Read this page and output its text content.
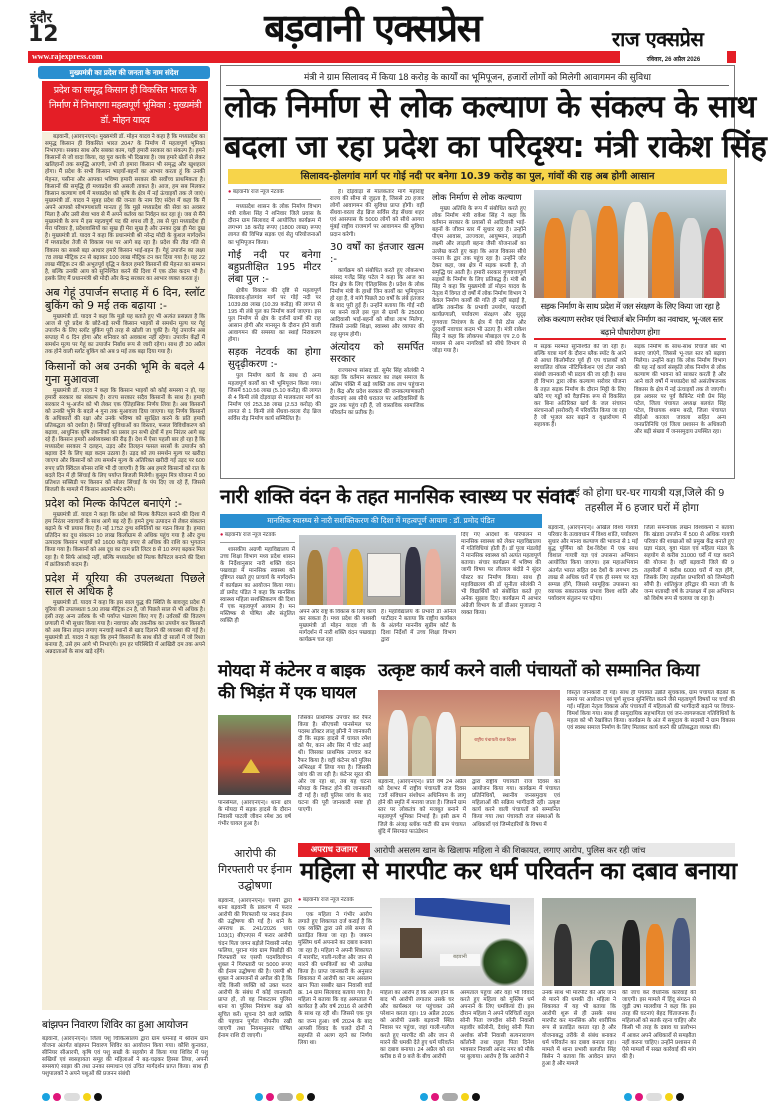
इंदौर
12	बड़वानी एक्सप्रेस	राज एक्सप्रेस
www.rajexpress.com	रविवार, 26 अप्रैल 2026
मुख्यमंत्री का प्रदेश की जनता के नाम संदेश
प्रदेश का समृद्ध किसान ही विकसित भारत के निर्माण में निभाएगा महत्वपूर्ण भूमिका : मुख्यमंत्री डॉ. मोहन यादव

बड़वानी, (आरएनएन)। मुख्यमंत्री डॉ. मोहन यादव ने कहा है कि मध्यप्रदेश का समृद्ध किसान ही विकसित भारत 2047 के निर्माण में महत्वपूर्ण भूमिका निभाएगा। सबका साथ और सबका काम, यही हमारी सरकार का संकल्प है। हमने किसानों से जो वादा किया, वह पूरा करके भी दिखाया है। जब हमारे खेतों से लेकर खलिहानों तक समृद्धि आएगी, तभी तो हमारा किसान भी समृद्ध और खुशहाल होगा। मैं प्रदेश के सभी किसान भाइयों-बहनों का आभार करता हूं कि उनकी मेहनत, पसीना और आपका भविष्य हमारी सरकार की सर्वोच्च प्राथमिकता है। किसानों की समृद्धि ही मध्यप्रदेश की असली ताकत है। आज, हम सब मिलकर किसान कल्याण वर्ष में मध्यप्रदेश को कृषि के क्षेत्र में नई ऊंचाइयों तक ले जाएं। मुख्यमंत्री डॉ. यादव ने सुबह प्रदेश की जनता के नाम दिए संदेश में कहा कि मैं अपने आपको सौभाग्यशाली मानता हूं कि मुझे मध्यप्रदेश की सेवा का अवसर मिला है और उसी सेवा भाव से मैं अपने कर्तव्य का निर्वहन कर रहा हूं। जब से मैंने मुख्यमंत्री के रूप में इस महत्वपूर्ण पद की शपथ ली है, तब से पूरा मध्यप्रदेश ही मेरा परिवार है, प्रदेशवासियों का सुख ही मेरा सुख है और उनका दुख ही मेरा दुख है। मुख्यमंत्री डॉ. यादव ने कहा कि प्रधानमंत्री श्री नरेन्द्र मोदी के कुशल मार्गदर्शन में मध्यप्रदेश तेजी से विकास पथ पर आगे बढ़ रहा है। प्रदेश की तीव्र गति से विकास का सबसे बड़ा आधार हमारे किसान भाई-बहन हैं। गेहूं उपार्जन का लक्ष्य 78 लाख मीट्रिक टन से बढ़ाकर 100 लाख मीट्रिक टन कर दिया गया है। यह 22 लाख मीट्रिक टन की अभूतपूर्व वृद्धि न केवल हमारे किसानों की मेहनत का सम्मान है, बल्कि उनकी आय को सुनिश्चित करने की दिशा में एक ठोस कदम भी है। इसके लिए मैं प्रधानमंत्री श्री मोदी और केन्द्र सरकार का आभार व्यक्त करता हूं।

अब गेहूं उपार्जन सप्ताह में 6 दिन, स्लॉट बुकिंग को 9 मई तक बढ़ाया :-

मुख्यमंत्री डॉ. यादव ने कहा कि मुझे यह बताते हुए भी अत्यंत प्रसन्नता है कि आज से पूरे प्रदेश के छोटे-बड़े सभी किसान भाइयों से समर्थन मूल्य पर गेहूं उपार्जन के लिए स्लॉट बुकिंग पूरी तरह से खोली जा चुकी है। गेहूं उपार्जन अब सप्ताह में 6 दिन होगा और शनिवार को अवकाश नहीं रहेगा। उपार्जन केंद्रों में समर्थन मूल्य पर गेहूं का उपार्जन निर्बाध रूप से जारी रहेगा। साथ ही 30 अप्रैल तक होने वाली स्लॉट बुकिंग को अब 9 मई तक बढ़ा दिया गया है।

किसानों को अब उनकी भूमि के बदले 4 गुना मुआवजा

मुख्यमंत्री डॉ. यादव ने कहा कि किसान भाइयों को कोई समस्या न हो, यह हमारी सरकार का संकल्प है। राज्य सरकार सदैव किसानों के साथ है। हमारी सरकार ने भू-अर्जन को भी लेकर एक ऐतिहासिक निर्णय लिया है। अब किसानों को उनकी भूमि के बदले 4 गुना तक मुआवजा दिया जाएगा। यह निर्णय किसानों के अधिकारों की रक्षा और उनके भविष्य को सुरक्षित करने के प्रति हमारी प्रतिबद्धता को दर्शाता है। सिंचाई सुविधाओं का विस्तार, फसल विविधीकरण को बढ़ावा, आधुनिक कृषि तकनीकों का प्रसार इन सभी क्षेत्रों में हम निरंतर आगे बढ़ रहे हैं। किसान हमारी अर्थव्यवस्था की रीढ़ हैं। देश में ऐसा पहली बार हो रहा है कि मध्यप्रदेश सरकार ने दलहन, उड़द और तिलहन फसल सरसों के उपार्जन को बढ़ावा देने के लिए बड़ा कदम उठाया है। उड़द को तय समर्थन मूल्य पर खरीदा जाएगा और किसानों को तय समर्थन मूल्य के अतिरिक्त खरीदी गई उड़द पर 600 रुपए प्रति क्विंटल बोनस राशि भी दी जाएगी। है कि अब हमारे किसानों को रात के बदले दिन में ही सिंचाई के लिए पर्याप्त बिजली मिलेगी। कुसुम मित्र योजना में 90 प्रतिशत सब्सिडी पर किसान को सोलर सिंचाई के पंप दिए जा रहे हैं, जिससे बिजली के मामले में किसान आत्मनिर्भर बनेंगे।

प्रदेश को मिल्क केपिटल बनाएंगे :-

मुख्यमंत्री डॉ. यादव ने कहा कि प्रदेश को मिल्क कैपिटल बनाने की दिशा में हम निरंतर नवाचारों के साथ आगे बढ़ रहे हैं। हमने दुग्ध उत्पादन से लेकर संकलन बढ़ाने के भी प्रयास किए हैं। नई 1752 दुग्ध समितियों का गठन किया है। हमारा प्रतिदिन का दूध संकलन 10 लाख किलोग्राम से अधिक पहुंच गया है और दुग्ध उत्पादक किसान भाइयों को 1600 करोड़ रुपए से अधिक की राशि का भुगतान किया गया है। किसानों को अब दूध का दाम प्रति लिटर 8 से 10 रुपए बढ़कर मिल रहा है। ये सिर्फ आंकड़े नहीं, बल्कि मध्यप्रदेश को मिल्क कैपिटल बनाने की दिशा में क्रांतिकारी कदम हैं।

प्रदेश में यूरिया की उपलब्धता पिछले साल से अधिक है

मुख्यमंत्री डॉ. यादव ने कहा कि इस साल युद्ध की स्थिति के बावजूद प्रदेश में यूरिया की उपलब्धता 5.90 लाख मीट्रिक टन है, जो पिछले साल से भी अधिक है। इसी तरह अन्य उर्वरक के भी पर्याप्त भंडारण किए गए हैं। उर्वरकों की वितरण प्रणाली में भी सुधार किया गया है। नवाचार और तकनीक का उपयोग कर किसानों को अब बिना लाइन लगाए मनचाहे स्थानों से खाद दिलाने की व्यवस्था की गई है। मुख्यमंत्री डॉ. यादव ने कहा कि हमने किसानों के साथ बीते दो सालों में जो रिश्ता बनाया है, उसे हम आगे भी निभाएंगे। हम हर परिस्थिति में आखिरी दम तक अपने अन्नदाताओं के साथ खड़े रहेंगे।

बांझपन निवारण शिविर का हुआ आयोजन
बड़वानी, (आरएनएन)। जिला पशु चिकित्सालय द्वारा ग्राम धमनाई में श्रीराम ग्राम योजना अंतर्गत बांझपन निवारण शिविर का आयोजन किया गया। कौशि कुनावत, सीनियर सीआरपी, कृषि एवं पशु सखी के सहयोग से किया गया शिविर में पशु सखियों एवं स्वसहायता समूह की महिलाओं ने बढ़-चढ़कर हिस्सा लिया, अपनी समस्याएं साझा की तथा उनका समाधान एवं उचित मार्गदर्शन प्राप्त किया। साथ ही पशुपालकों ने अपने पशुओं की प्रजनन संबंधी
मंत्री ने ग्राम सिलावद में किया 18 करोड़ के कार्यों का भूमिपूजन, हजारों लोगों को मिलेगी आवागमन की सुविधा
लोक निर्माण से लोक कल्याण के संकल्प के साथ
बदला जा रहा प्रदेश का परिदृश्य: मंत्री राकेश सिंह
सिलावद-होलगांव मार्ग पर गोई नदी पर बनेगा 10.39 करोड़ का पुल, गांवों की राह अब होगी आसान
● बड़वानी/ राज न्यूज नेटवर्क

मध्यप्रदेश शासन के लोक निर्माण विभाग मंत्री राकेश सिंह ने शनिवार जिले प्रवास के दौरान ग्राम सिलावद में आयोजित कार्यक्रम में लगभग 18 करोड़ रूपए (1800 लाख) रूपए लागत की विभिन्न सड़क एवं सेतु परियोजनाओं का भूमिपूजन किया।

गोई नदी पर बनेगा बहुप्रतीक्षित 195 मीटर लंबा पुल :-

क्षेत्रीय विकास की दृष्टि से महत्वपूर्ण सिलावद-होलगांव मार्ग पर गोई नदी पर 1039.88 लाख (10.39 करोड़) की लागत से 195 मी लंबे पुल का निर्माण कार्य जाएगा। इस पुल निर्माण से क्षेत्र के दर्जनों ग्रामों की राह आसान होगी और मानसून के दौरान होने वाली आवागमन की समस्या का स्थाई निराकरण होगा।

सड़क नेटवर्क का होगा सुदृढ़ीकरण :-

पुल निर्माण कार्य के साथ दो अन्य महत्वपूर्ण कार्यों का भी भूमिपूजन किया गया। जिसमें 510.56 लाख (5.10 करोड़) की लागत से 4 किमी लंबे दोड़वाड़ा से मालकतार मार्ग का निर्माण एवं 253.38 लाख (2.53 करोड़) की लागत से 1 किमी लंबे सेंधवा-वरला रोड़ ब्रिज सर्विस रोड़ निर्माण कार्य सम्मिलित है।

है। दोड़वाड़ा से मालकतार मार्ग महाराष्ट्र राज्य की सीमा से जुड़ता है, जिससे 20 हजार लोगों आवागमन की सुविधा प्राप्त होगी। वहीं सेंधवा-वरला रोड़ ब्रिज सर्विस रोड़ सेंधवा शहर एवं आसपास के 5000 लोगों को सीधे आगरा मुंबई राष्ट्रीय राजमार्ग पर आवागमन की सुविधा प्रदान करेगी।

30 वर्षों का इंतजार खत्म :-

कार्यक्रम को संबोधित करते हुए लोकसभा सांसद गजेंद्र सिंह पटेल ने कहा कि आज का दिन क्षेत्र के लिए ऐतिहासिक है। प्रदेश के लोक निर्माण मंत्री के हाथों जिन कार्यों का भूमिपूजन हो रहा है, वे मांगे पिछले 30 वर्षों के लंबे इंतजार के बाद पूरी हुई हैं। उन्होंने बताया कि गोई नदी पर बनने वाले इस पुल से ग्रामों के 25000 आदिवासी भाई-बहनों को सीधा लाभ मिलेगा, जिससे उनकी शिक्षा, स्वास्थ्य और व्यापार की राह सुगम होगी।

अंत्योदय को समर्पित सरकार

राज्यसभा सांसद डॉ. सुमेर सिंह सोलंकी ने कहा कि वर्तमान सरकार का लक्ष्य समाज के अंतिम पंक्ति में खड़े व्यक्ति तक लाभ पहुंचाना है। केंद्र और प्रदेश सरकार की जनकल्याणकारी योजनाएं अब सीधे धरातल पर आदिवासियों के द्वार तक पहुंच रही हैं, जो वास्तविक सामाजिक परिवर्तन का प्रतीक है।

लोक निर्माण से लोक कल्याण

मुख्य अतिथि के रूप में संबोधित करते हुए लोक निर्माण मंत्री राकेश सिंह ने कहा कि वर्तमान सरकार के प्रयासों से आदिवासी भाई-बहनों के जीवन स्तर में सुधार रहा है। उन्होंने पीएम आवास, उज्ज्वला, आयुष्मान, लाड़ली लक्ष्मी और लाड़ली बहना जैसी योजनाओं का उल्लेख करते हुए कहा कि आज विकास सीधे जनता के द्वार तक पहुंच रहा है। उन्होंने जोर देकर कहा, जब क्षेत्र में सड़क बनती है, तो समृद्धि घर आती है। हमारी सरकार गुणवत्तापूर्ण सड़कों के निर्माण के लिए प्रतिबद्ध है। मंत्री श्री सिंह ने कहा कि मुख्यमंत्री डॉ मोहन यादव के नेतृत्व में विगत दो वर्षों में लोक निर्माण विभाग ने केवल निर्माण कार्यों की गति ही नहीं बढ़ाई है, बल्कि तकनीक के प्रभावी उपयोग, पारदर्शी कार्यप्रणाली, पर्यावरण संरक्षण और सुदृढ़ गुणवत्ता नियंत्रण के क्षेत्र में ऐसे ठोस और दूरदर्शी नवाचार कदम भी उठाए हैं। मंत्री राकेश सिंह ने कहा कि लोकपथ मोबाइल एप 2.0 के माध्यम से आम नागरिकों को सीधे विभाग से जोड़ा गया है।

सड़क निर्माण के साथ प्रदेश में जल संरक्षण के लिए किया जा रहा है लोक कल्याण सरोवर एवं रिचार्ज बोर निर्माण का नवाचार, भू-जल स्तर बढ़ाने पौधारोपण होगा
में सड़क मरम्मत सुनिश्चित की जा रही है। बल्कि यात्रा मार्ग के दौरान ब्लैक स्पॉट के आने से आधा किलोमीटर पूर्व ही एप चालकों को स्वचालित वॉयस नोटिफिकेशन एवं टोल नाको संबंधी जानकारी भी प्रदाय की जा रही है। साथ ही विभाग द्वारा लोक कल्याण सरोवर योजना के तहत सड़क निर्माण के दौरान मिट्टी के लिए खोदे गए गड्ढों को वैज्ञानिक रूप से विकसित कर बिना अतिरिक्त खर्च के जल संचयन संरचनाओं (सरोवरों) में परिवर्तित किया जा रहा है जो भूजल स्तर बढ़ाने व वृक्षारोपण में सहायक हैं।
सड़क निर्माण के साथ-साथ रिचार्ज बोर भी बनाए जाएंगे, जिससे भू-जल स्तर को बढ़ावा मिलेगा। उन्होंने कहा कि लोक निर्माण विभाग की यह नई कार्य संस्कृति लोक निर्माण से लोक कल्याण की भावना को साकार करती है और आने वाले वर्षों में मध्यप्रदेश को असंतोषजनक विकास के क्षेत्र में नई ऊंचाइयों तक ले जाएगी। इस अवसर पर पूर्व कैबिनेट मंत्री प्रेम सिंह पटेल, जिला पंचायत अध्यक्ष बलवंत सिंह पटेल, विधायक श्याम बरडे, जिला पंचायत सीईओ काजल जावला सहित अन्य जनप्रतिनिधि एवं जिला प्रशासन के अधिकारी और बड़ी संख्या में जनसमुदाय उपस्थित रहा।
नारी शक्ति वंदन के तहत मानसिक स्वास्थ्य पर संवाद
मानसिक स्वास्थ्य से नारी सशक्तिकरण की दिशा में महत्वपूर्ण आयाम : डॉ. प्रमोद पंडित
● बड़वानी/ राज न्यूज नेटवर्क

शासकीय अग्रणी महाविद्यालय में उच्च शिक्षा विभाग मध्य प्रदेश शासन के निर्देशानुसार नारी शक्ति वंदन पखवाड़ा में मानसिक स्वास्थ्य को दृष्टिगत रखते हुए प्राचार्य के मार्गदर्शन में कार्यक्रम का आयोजन किया गया। डॉ प्रमोद पंडित ने कहा कि मानसिक स्वास्थ्य महिला सशक्तिकरण की दिशा में एक महत्वपूर्ण आयाम है। मन मस्तिष्क से पोषित और संतुलित व्यक्ति ही

अपने और राष्ट्र के विकास के लिए कार्य कर सकता है। मध्य प्रदेश की यशस्वी मुख्यमंत्री डॉ मोहन यादव जी के मार्गदर्शन में नारी शक्ति वंदन पखवाड़ा कार्यक्रम चल रहा
है। महाविद्यालय के प्रभारी डॉ अनिल पाटीदार ने बताया कि राष्ट्रीय कार्यबल के अंतर्गत माननीय सुप्रीम कोर्ट के दिशा निर्देशों में उच्च शिक्षा विभाग द्वारा
दिए गए आदेशों के परिपालन में मानसिक स्वास्थ्य को लेकर महाविद्यालय में गतिविधियां होती हैं। डॉ पूजा मंडलोई ने मानसिक स्वास्थ्य को अत्यंत महत्वपूर्ण बताया। संचार कार्यक्रम में भविष्य की जागी विषय पर लीलाल बंदोडे ने सुंदर पोस्टर का निर्माण किया। साथ ही महाविद्यालय की डॉ सुनीता सोलंकी ने भी विद्यार्थियों को संबोधित करते हुए अनेक सुझाव दिए। कार्यक्रम में आभार अंग्रेजी विभाग के डॉ डीआर मुजाल्दा ने व्यक्त किया।
1 मई को होगा घर-घर गायत्री यज्ञ,जिले की 9 तहसील में 6 हजार घरों में होगा
बड़वानी, (आरएनएन)। अखिल विश्व गायत्री परिवार के तत्वावधान में विश्व शांति, पर्यावरण सुधार और मानव कल्याण की भावना से 1 मई बुद्ध पूर्णिमा को देश-विदेश में एक साथ विशाल गायत्री यज्ञ एवं उपासना अभियान आयोजित किया जाएगा। इस महाअभियान अंतर्गत भारत सहित 98 देशों के लगभग 25 लाख से अधिक घरों में एक ही समय पर यज्ञ सम्पन्न होंगे, जिससे सामूहिक उपासना का व्यापक सकारात्मक प्रभाव विश्व शांति और पर्यावरण संतुलन पर पड़ेगा।
जिला समन्वयक लखन विश्वकर्मा ने बताया कि खंडवा उपजोन में 500 से अधिक गायत्री परिवार की शाखाओं को प्रमुख केंद्र बनाते हुए प्रज्ञा मंडल, युवा मंडल एवं महिला मंडल के सहयोग से करीब 31000 घरों में यज्ञ कराने की योजना है। वहीं बड़वानी जिले की 9 तहसीलों में करीब 6000 घरों में यज्ञ होंगे, जिसके लिए तहसील प्रभारियों को जिम्मेदारी सौंपी है। शांतिकुंज हरिद्वार की माता जी के जन्म शताब्दी वर्ष के उपलक्ष्य में इस अभियान को विशेष रूप से चलाया जा रहा है।
मोयदा में कंटेनर व बाइक की भिड़ंत में एक घायल
पानसेमल, (आरएनएन)। थाना क्षेत्र के मोयदा में सड़क हादसे के दौरान निवासी पाटली जीवन रमेश 36 वर्ष गंभीर घायल हुआ है।
जिसका प्राथमिक उपचार कर रैफर किया है। सीएचसी पानसेमल पर पदस्थ डॉक्टर लालू झीनी ने जानकारी दी कि सड़क हादसे में घायल रमेश को पैर, कान और सिर में चोट आई थी। जिसका प्राथमिक उपचार कर रैफर किया है। वहीं कंटेनर को पुलिस अभिरक्षा में लिया गया है। जिसकी जांच की जा रही है। कंटेनर सूरत की ओर जा रहा था, तब यह घटना मोयदा के निकट होने की जानकारी दी गई है। वहीं पुलिस जांच के बाद घटना की पूरी जानकारी स्पष्ट हो पाएगी।
उत्कृष्ट कार्य करने वाली पंचायतों को सम्मानित किया
राष्ट्रीय पंचायती राज दिवस
बड़वानी, (आरएनएन)। प्रति वर्ष 24 अप्रैल को देशभर में राष्ट्रीय पंचायती राज दिवस 73वें संविधान संशोधन अधिनियम के लागू होने की स्मृति में मनाया जाता है। जिसने ग्राम स्तर पर लोकतंत्र को मजबूत बनाने में महत्वपूर्ण भूमिका निभाई है। इसी क्रम में जिले के अंजड़ ब्लॉक पाटी की ग्राम पंचायत बुंदि में सिरमात फाउंडेशन
द्वारा राष्ट्रीय पंचायती राज दिवस का आयोजन किया गया। कार्यक्रम में पंचायत प्रतिनिधियों, स्थानीय जनसमुदाय एवं महिलाओं की सक्रिय भागीदारी रही। उत्कृष्ट कार्य करने वाली पंचायतों को सम्मानित किया गया तथा पंचायती राज संस्थाओं के अधिकारों एवं जिम्मेदारियों के विषय में
विस्तृत जानकारी दी गई। साथ ही पंचायत उन्नति सूचकांक, ग्राम पंचायत बैठकों के समय पर आयोजन एवं पूर्ण सूचना सुनिश्चित करने जैसे महत्वपूर्ण विषयों पर चर्चा की गई। महिला नेतृत्व विकास और पंचायतों में महिलाओं की भागीदारी बढ़ाने पर विचार-विमर्श किया गया। साथ ही सामुदायिक सहभागिता एवं जन-जागरूकता गतिविधियों के महत्व को भी रेखांकित किया। कार्यक्रम के अंत में समुदाय के सदस्यों ने ग्राम विकास एवं स्वस्थ समाज निर्माण के लिए मिलकर कार्य करने की प्रतिबद्धता व्यक्त की।
आरोपी की गिरफ्तारी पर ईनाम उद्घोषणा
बड़वानी, (आरएनएन)। एसपी द्वारा थाना बड़वानी के प्रकरण में फरार आरोपी की गिरफ्तारी पर नकद ईनाम की उद्घोषणा की गई है। थाने के अपराध क्र. 241/2026 धारा 103(1) बीएनएस में फरार आरोपी चंदन पिता जगन बड़ोले निवासी नर्मदा फलिया, पुराना गांव ग्राम पिछोड़ी की गिरफ्तारी पर एसपी पदमविलोचन शुक्ल ने गिरफ्तारी पर 5000 रूपए की ईनाम उद्घोषणा की है। एसपी श्री शुक्ल ने आमजनों से अपील की है कि यदि किसी व्यक्ति को उक्त फरार आरोपी के संबंध में कोई जानकारी प्राप्त हो, तो वह निकटतम पुलिस थाना या पुलिस नियंत्रण कक्ष को सूचित करें। सूचना देने वाले व्यक्ति की पहचान पूर्णतः गोपनीय रखी जाएगी तथा नियमानुसार घोषित ईनाम राशि दी जाएगी।
अपराध उजागर	आरोपी असलम खान के खिलाफ महिला ने की शिकायत, लगाए आरोप, पुलिस कर रही जांच
महिला से मारपीट कर धर्म परिवर्तन का दबाव बनाया
● बड़वानी/ राज न्यूज नेटवर्क

एक महिला ने गंभीर आरोप लगाते हुए शिकायत दर्ज कराई है कि एक व्यक्ति द्वारा उसे लंबे समय से प्रताड़ित किया जा रहा है। जबरन मुस्लिम धर्म अपनाने का दबाव बनाया जा रहा है। महिला ने अपनी शिकायत में मारपीट, गाली-गलौज और जान से मारने की धमकियों का भी उल्लेख किया है। प्राप्त जानकारी के अनुसार शिकायत में आरोपी का नाम असलम खान पिता सब्बीर खान निवासी वार्ड क्र. 14 ग्राम सिलावद बताया गया है। महिला ने बताया कि वह अस्पताल में कार्यरत है और वर्ष 2016 से आरोपी के साथ रह रही थी। जिससे एक पुत्र का जन्म हुआ। वर्ष 2024 के बाद आपसी विवाद के चलते दोनों ने सहमति से अलग रहने का निर्णय लिया था।

बड़वानी
महिला का आरोप है कि अलग होने के बाद भी आरोपी लगातार उसके घर और कार्यस्थल पर पहुंचकर उसे परेशान करता रहा। 19 अप्रैल 2026 को आरोपी उसके बड़वानी स्थित निवास पर पहुंचा, जहां गाली-गलौज करते हुए मारपीट की और जान से मारने की धमकी देते हुए धर्म परिवर्तन का दबाव बनाया। 24 अप्रैल को रात करीब 8 से 9 बजे के बीच आरोपी
अस्पताल पहुंचा और वहां भी विवाद करते हुए महिला को मुस्लिम धर्म अपनाने के लिए धमकियां दी। इस दौरान महिला ने अपने परिचितों राहुल सोनी पिता जगदीश सोनी निवासी महावीर कॉलोनी, देवांशु सोनी पिता अशोक सोनी निवासी सत्यनारायण कॉलोनी तथा राहुल पिता दिनेश भावसार निवासी आनंद नगर को मौके पर बुलाया। आरोप है कि आरोपी ने
उनके साथ भी मारपीट की और जान से मारने की धमकी दी। महिला ने शिकायत में यह भी बताया कि आरोपी शुरू से ही उसके साथ मारपीट कर मानसिक और शारीरिक रूप से प्रताड़ित करता रहा है और योजनाबद्ध तरीके से संबंध बनाकर धर्म परिवर्तन का दबाव बनाता रहा। मामले में थाना प्रभारी बलजीत सिंह बिसेन ने बताया कि आवेदन प्राप्त हुआ है और मामले
की जांच कर वैधानिक कार्रवाई की जाएगी। इस मामले में हिंदू संगठन से जुड़ी उषा मालवीया ने कहा कि इस तरह की घटनाएं बेहद चिंताजनक हैं। महिलाओं को सतर्क रहना चाहिए और किसी भी तरह के दबाव या प्रलोभन में आकर अपने अधिकारों से समझौता नहीं करना चाहिए। उन्होंने प्रशासन से ऐसे मामलों में सख्त कार्रवाई की मांग की है।
